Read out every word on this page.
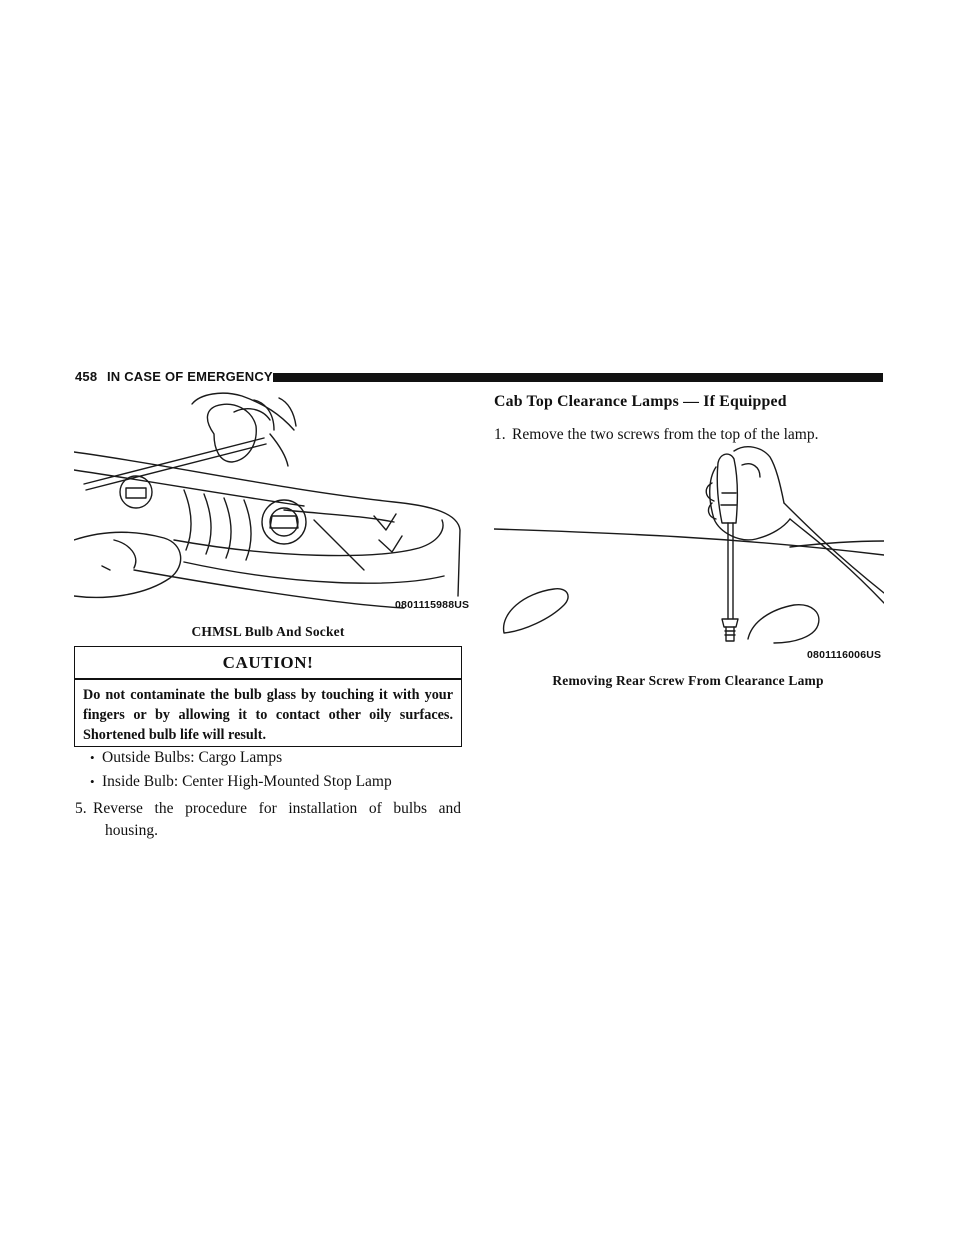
458 IN CASE OF EMERGENCY
0801115988US
CHMSL Bulb And Socket
CAUTION!
Do not contaminate the bulb glass by touching it with your fingers or by allowing it to contact other oily surfaces. Shortened bulb life will result.
• Outside Bulbs: Cargo Lamps
• Inside Bulb: Center High-Mounted Stop Lamp
5. Reverse the procedure for installation of bulbs and
housing.
Cab Top Clearance Lamps — If Equipped
1. Remove the two screws from the top of the lamp.
0801116006US
Removing Rear Screw From Clearance Lamp
